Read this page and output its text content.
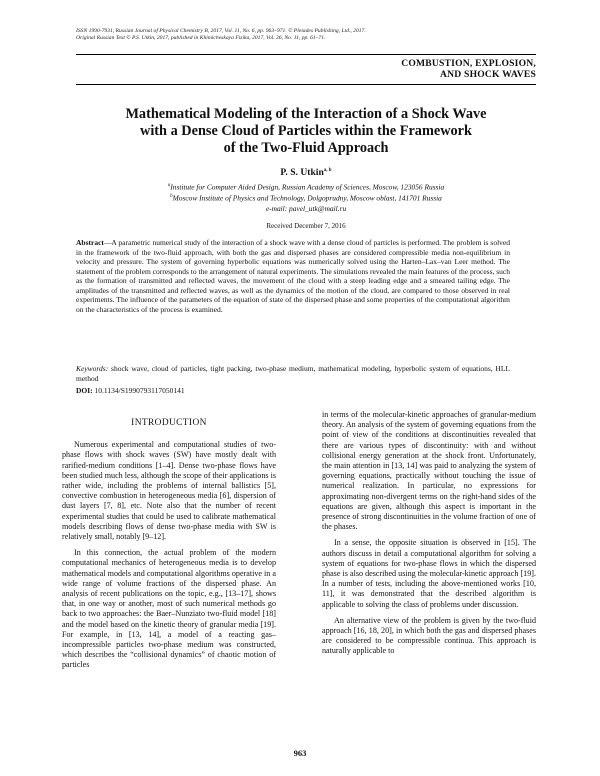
ISSN 1990-7931, Russian Journal of Physical Chemistry B, 2017, Vol. 11, No. 6, pp. 963–971. © Pleiades Publishing, Ltd., 2017.
Original Russian Text © P.S. Utkin, 2017, published in Khimicheskaya Fizika, 2017, Vol. 36, No. 11, pp. 61–71.
COMBUSTION, EXPLOSION,
AND SHOCK WAVES
Mathematical Modeling of the Interaction of a Shock Wave
with a Dense Cloud of Particles within the Framework
of the Two-Fluid Approach
P. S. Utkin$^{a, b}$
$^a$Institute for Computer Aided Design, Russian Academy of Sciences, Moscow, 123056 Russia
$^b$Moscow Institute of Physics and Technology, Dolgoprudny, Moscow oblast, 141701 Russia
e-mail: pavel_utk@mail.ru
Received December 7, 2016
Abstract—A parametric numerical study of the interaction of a shock wave with a dense cloud of particles is performed. The problem is solved in the framework of the two-fluid approach, with both the gas and dispersed phases are considered compressible media non-equilibrium in velocity and pressure. The system of governing hyperbolic equations was numerically solved using the Harten–Lax–van Leer method. The statement of the problem corresponds to the arrangement of natural experiments. The simulations revealed the main features of the process, such as the formation of transmitted and reflected waves, the movement of the cloud with a steep leading edge and a smeared tailing edge. The amplitudes of the transmitted and reflected waves, as well as the dynamics of the motion of the cloud, are compared to those observed in real experiments. The influence of the parameters of the equation of state of the dispersed phase and some properties of the computational algorithm on the characteristics of the process is examined.
Keywords: shock wave, cloud of particles, tight packing, two-phase medium, mathematical modeling, hyperbolic system of equations, HLL method
DOI: 10.1134/S1990793117050141
INTRODUCTION

Numerous experimental and computational studies of two-phase flows with shock waves (SW) have mostly dealt with rarified-medium conditions [1–4]. Dense two-phase flows have been studied much less, although the scope of their applications is rather wide, including the problems of internal ballistics [5], convective combustion in heterogeneous media [6], dispersion of dust layers [7, 8], etc. Note also that the number of recent experimental studies that could be used to calibrate mathematical models describing flows of dense two-phase media with SW is relatively small, notably [9–12].

In this connection, the actual problem of the modern computational mechanics of heterogeneous media is to develop mathematical models and computational algorithms operative in a wide range of volume fractions of the dispersed phase. An analysis of recent publications on the topic, e.g., [13–17], shows that, in one way or another, most of such numerical methods go back to two approaches: the Baer–Nunziato two-fluid model [18] and the model based on the kinetic theory of granular media [19]. For example, in [13, 14], a model of a reacting gas–incompressible particles two-phase medium was constructed, which describes the “collisional dynamics” of chaotic motion of particles

in terms of the molecular-kinetic approaches of granular-medium theory. An analysis of the system of governing equations from the point of view of the conditions at discontinuities revealed that there are various types of discontinuity: with and without collisional energy generation at the shock front. Unfortunately, the main attention in [13, 14] was paid to analyzing the system of governing equations, practically without touching the issue of numerical realization. In particular, no expressions for approximating non-divergent terms on the right-hand sides of the equations are given, although this aspect is important in the presence of strong discontinuities in the volume fraction of one of the phases.

In a sense, the opposite situation is observed in [15]. The authors discuss in detail a computational algorithm for solving a system of equations for two-phase flows in which the dispersed phase is also described using the molecular-kinetic approach [19]. In a number of tests, including the above-mentioned works [10, 11], it was demonstrated that the described algorithm is applicable to solving the class of problems under discussion.

An alternative view of the problem is given by the two-fluid approach [16, 18, 20], in which both the gas and dispersed phases are considered to be compressible continua. This approach is naturally applicable to

963
